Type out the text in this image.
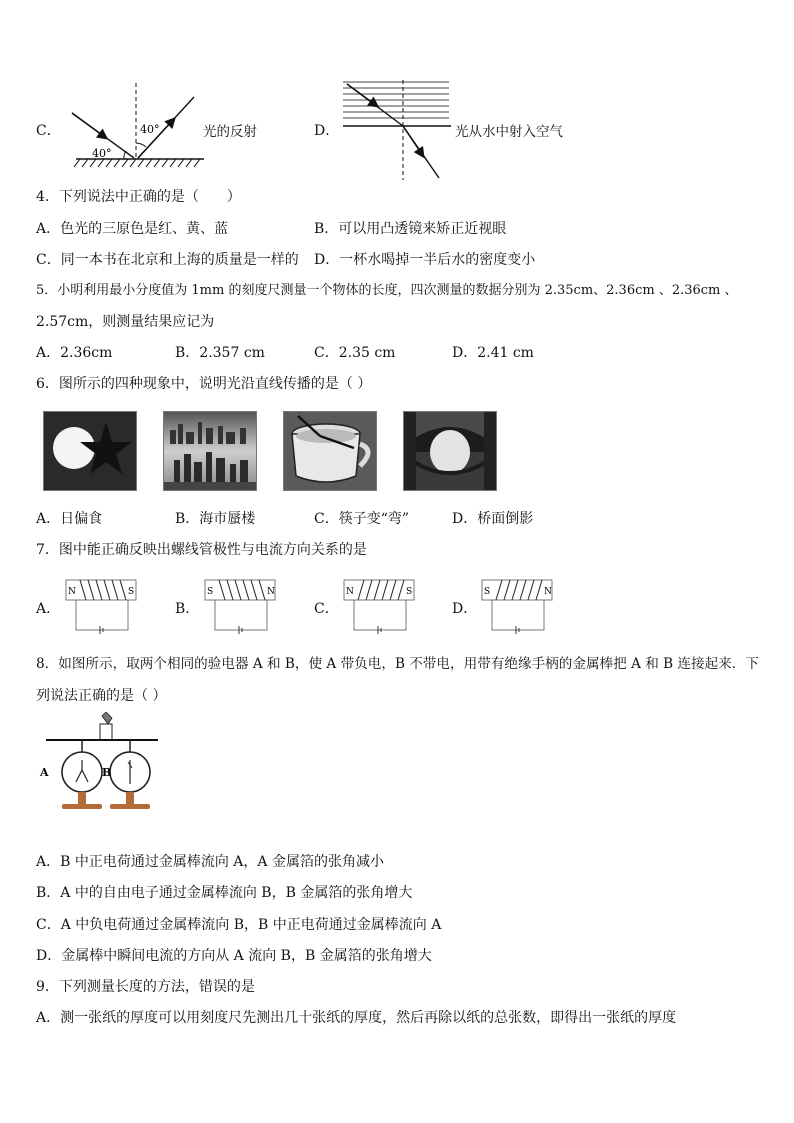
C．	40°
40°
光的反射	D．	光从水中射入空气
4．下列说法中正确的是（　　）
A．色光的三原色是红、黄、蓝	B．可以用凸透镜来矫正近视眼
C．同一本书在北京和上海的质量是一样的 D．一杯水喝掉一半后水的密度变小
5．小明利用最小分度值为 1mm 的刻度尺测量一个物体的长度，四次测量的数据分别为 2.35cm、2.36cm 、2.36cm 、
2.57cm，则测量结果应记为
A．2.36cm	B．2.357 cm	C．2.35 cm	D．2.41 cm
6．图所示的四种现象中，说明光沿直线传播的是（ ）
A．日偏食	B．海市蜃楼	C．筷子变“弯”	D．桥面倒影
7．图中能正确反映出螺线管极性与电流方向关系的是
A．
N	S
B．
S	N
C．
N	S
D．
S	N
8．如图所示，取两个相同的验电器 A 和 B，使 A 带负电，B 不带电，用带有绝缘手柄的金属棒把 A 和 B 连接起来．下
列说法正确的是（ ）
A	B
A．B 中正电荷通过金属棒流向 A，A 金属箔的张角减小
B．A 中的自由电子通过金属棒流向 B，B 金属箔的张角增大
C．A 中负电荷通过金属棒流向 B，B 中正电荷通过金属棒流向 A
D．金属棒中瞬间电流的方向从 A 流向 B，B 金属箔的张角增大
9．下列测量长度的方法，错误的是
A．测一张纸的厚度可以用刻度尺先测出几十张纸的厚度，然后再除以纸的总张数，即得出一张纸的厚度
